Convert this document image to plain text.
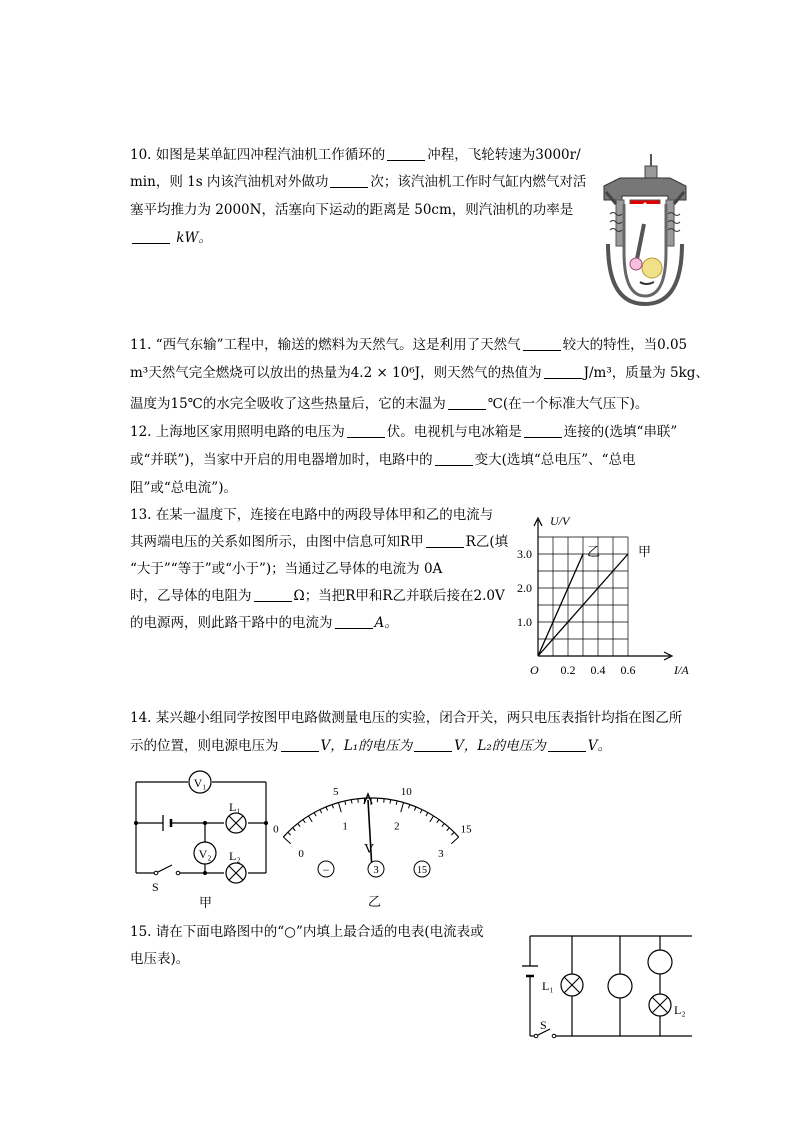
10. 如图是某单缸四冲程汽油机工作循环的	冲程，飞轮转速为3000r/
min，则 1s 内该汽油机对外做功	次；该汽油机工作时气缸内燃气对活
塞平均推力为 2000N，活塞向下运动的距离是 50cm，则汽油机的功率是
kW。
11. “西气东输”工程中，输送的燃料为天然气。这是利用了天然气	较大的特性，当0.05
m³天然气完全燃烧可以放出的热量为4.2 × 10⁶J，则天然气的热值为	J/m³，质量为 5kg、
温度为15℃的水完全吸收了这些热量后，它的末温为	℃(在一个标准大气压下)。
12. 上海地区家用照明电路的电压为	伏。电视机与电冰箱是	连接的(选填“串联”
或“并联”)，当家中开启的用电器增加时，电路中的	变大(选填“总电压”、“总电
阻”或“总电流”)。
13. 在某一温度下，连接在电路中的两段导体甲和乙的电流与
其两端电压的关系如图所示，由图中信息可知R甲	R乙(填
“大于”“等于”或“小于”)；当通过乙导体的电流为 0A
时，乙导体的电阻为	Ω；当把R甲和R乙并联后接在2.0V
的电源两，则此路干路中的电流为	A。
U/V
I/A
O 0.2 0.4 0.6
1.0
2.0
3.0	乙	甲
14. 某兴趣小组同学按图甲电路做测量电压的实验，闭合开关，两只电压表指针均指在图乙所
示的位置，则电源电压为	V，L₁的电压为	V，L₂的电压为	V。
V₁
V₂
L₁
L₂
S
甲
0
5	10
15
0
1	2
3
V
−	3	15
乙
15. 请在下面电路图中的“○”内填上最合适的电表(电流表或
电压表)。
L₁
L₂
S
